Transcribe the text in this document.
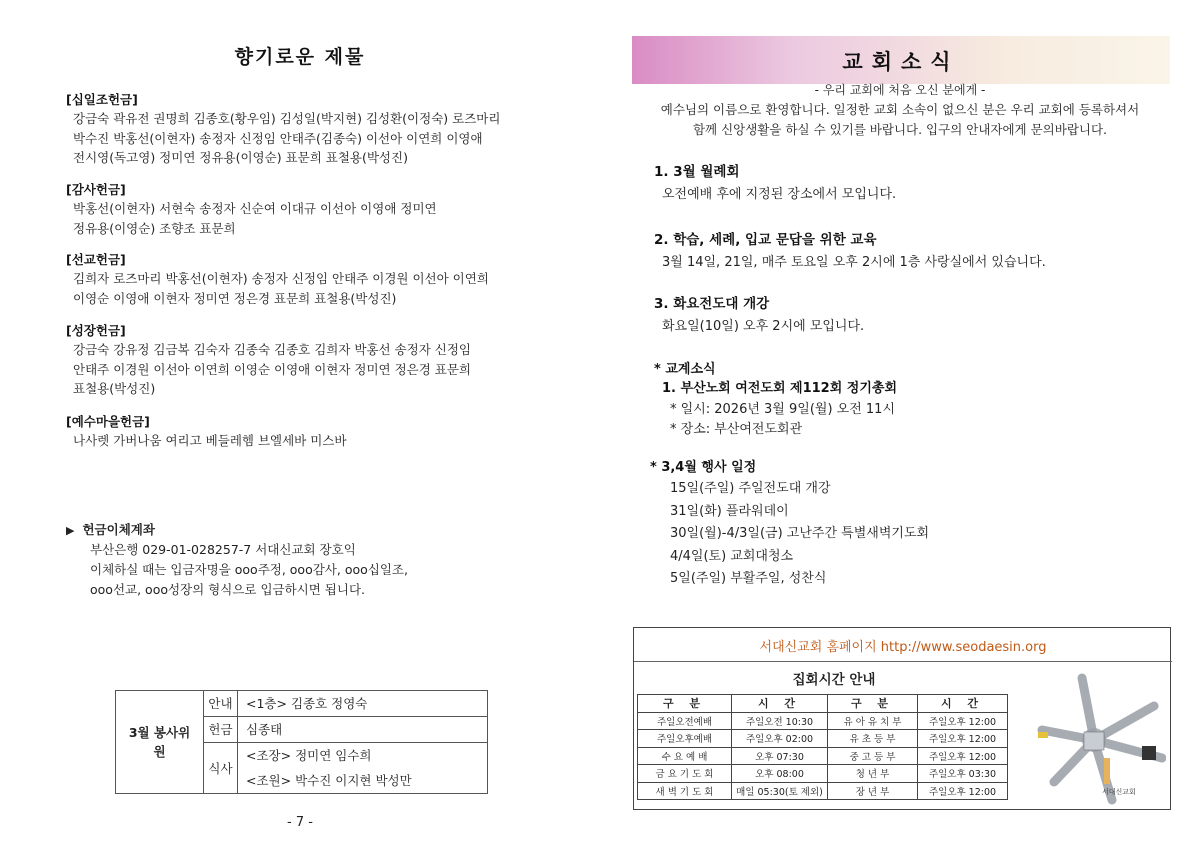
향기로운 제물
[십일조헌금]

강금숙 곽유전 권명희 김종호(황우임) 김성일(박지현) 김성환(이정숙) 로즈마리

박수진 박홍선(이현자) 송정자 신정임 안태주(김종숙) 이선아 이연희 이영애

전시영(독고영) 정미연 정유용(이영순) 표문희 표철용(박성진)

[감사헌금]

박홍선(이현자) 서현숙 송정자 신순여 이대규 이선아 이영애 정미연

정유용(이영순) 조향조 표문희

[선교헌금]

김희자 로즈마리 박홍선(이현자) 송정자 신정임 안태주 이경원 이선아 이연희

이영순 이영애 이현자 정미연 정은경 표문희 표철용(박성진)

[성장헌금]

강금숙 강유정 김금복 김숙자 김종숙 김종호 김희자 박홍선 송정자 신정임

안태주 이경원 이선아 이연희 이영순 이영애 이현자 정미연 정은경 표문희

표철용(박성진)

[예수마을헌금]

나사렛 가버나움 여리고 베들레헴 브엘세바 미스바

▶ 헌금이체계좌

부산은행 029-01-028257-7 서대신교회 장호익

이체하실 때는 입금자명을 ooo주정, ooo감사, ooo십일조,

ooo선교, ooo성장의 형식으로 입금하시면 됩니다.

3월 봉사위원	안내	<1층> 김종호 정영숙
	헌금	심종태
	식사	<조장> 정미연 임수희
		<조원> 박수진 이지현 박성만
- 7 -
교회소식
- 우리 교회에 처음 오신 분에게 -
예수님의 이름으로 환영합니다. 일정한 교회 소속이 없으신 분은 우리 교회에 등록하셔서
함께 신앙생활을 하실 수 있기를 바랍니다. 입구의 안내자에게 문의바랍니다.
1. 3월 월례회

오전예배 후에 지정된 장소에서 모입니다.

2. 학습, 세례, 입교 문답을 위한 교육

3월 14일, 21일, 매주 토요일 오후 2시에 1층 사랑실에서 있습니다.

3. 화요전도대 개강

화요일(10일) 오후 2시에 모입니다.

* 교계소식
1. 부산노회 여전도회 제112회 정기총회

* 일시: 2026년 3월 9일(월) 오전 11시

* 장소: 부산여전도회관

* 3,4월 행사 일정
15일(주일) 주일전도대 개강
31일(화) 플라워데이
30일(월)-4/3일(금) 고난주간 특별새벽기도회
4/4일(토) 교회대청소
5일(주일) 부활주일, 성찬식
서대신교회 홈페이지 http://www.seodaesin.org
집회시간 안내
구 분	시 간	구 분	시 간
주일오전예배	주일오전 10:30	유 아 유 치 부	주일오후 12:00
주일오후예배	주일오후 02:00	유 초 등 부	주일오후 12:00
수 요 예 배	오후 07:30	중 고 등 부	주일오후 12:00
금 요 기 도 회	오후 08:00	청 년 부	주일오후 03:30
새 벽 기 도 회	매일 05:30(토 제외)	장 년 부	주일오후 12:00	서대신교회
